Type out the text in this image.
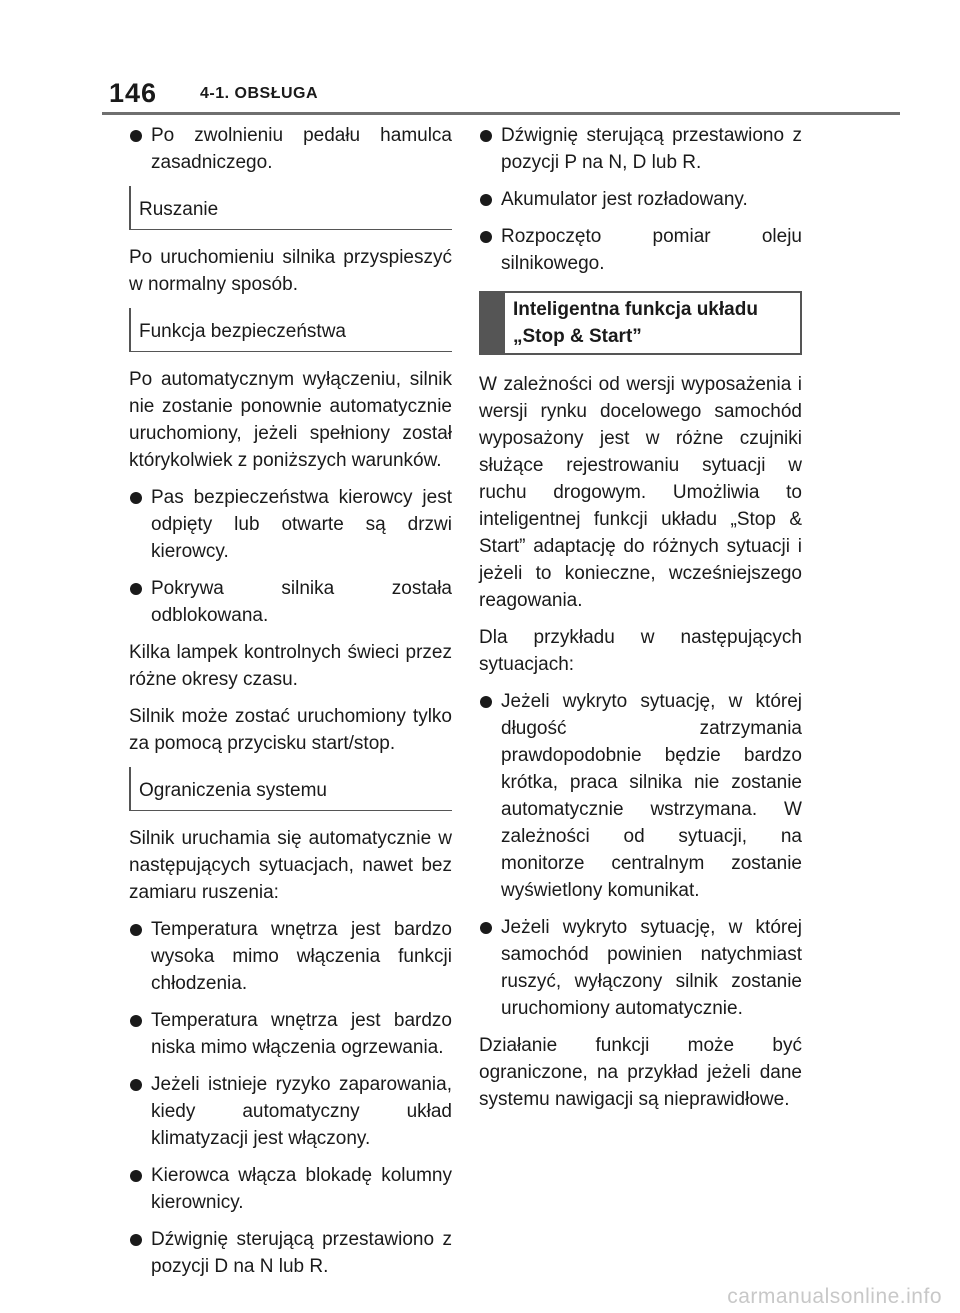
146	4-1. OBSŁUGA
Po zwolnieniu pedału hamulca zasadniczego.
Ruszanie

Po uruchomieniu silnika przyspieszyć w normalny sposób.

Funkcja bezpieczeństwa

Po automatycznym wyłączeniu, silnik nie zostanie ponownie automatycznie uruchomiony, jeżeli spełniony został którykolwiek z poniższych warunków.

Pas bezpieczeństwa kierowcy jest odpięty lub otwarte są drzwi kierowcy.
Pokrywa silnika została odblokowana.

Kilka lampek kontrolnych świeci przez różne okresy czasu.

Silnik może zostać uruchomiony tylko za pomocą przycisku start/stop.

Ograniczenia systemu

Silnik uruchamia się automatycznie w następujących sytuacjach, nawet bez zamiaru ruszenia:

Temperatura wnętrza jest bardzo wysoka mimo włączenia funkcji chłodzenia.
Temperatura wnętrza jest bardzo niska mimo włączenia ogrzewania.
Jeżeli istnieje ryzyko zaparowania, kiedy automatyczny układ klimatyzacji jest włączony.
Kierowca włącza blokadę kolumny kierownicy.
Dźwignię sterującą przestawiono z pozycji D na N lub R.
Dźwignię sterującą przestawiono z pozycji P na N, D lub R.
Akumulator jest rozładowany.
Rozpoczęto pomiar oleju silnikowego.
Inteligentna funkcja układu
„Stop & Start”

W zależności od wersji wyposażenia i wersji rynku docelowego samochód wyposażony jest w różne czujniki służące rejestrowaniu sytuacji w ruchu drogowym. Umożliwia to inteligentnej funkcji układu „Stop & Start” adaptację do różnych sytuacji i jeżeli to konieczne, wcześniejszego reagowania.

Dla przykładu w następujących sytuacjach:

Jeżeli wykryto sytuację, w której długość zatrzymania prawdopodobnie będzie bardzo krótka, praca silnika nie zostanie automatycznie wstrzymana. W zależności od sytuacji, na monitorze centralnym zostanie wyświetlony komunikat.
Jeżeli wykryto sytuację, w której samochód powinien natychmiast ruszyć, wyłączony silnik zostanie uruchomiony automatycznie.

Działanie funkcji może być ograniczone, na przykład jeżeli dane systemu nawigacji są nieprawidłowe.

carmanualsonline.info
